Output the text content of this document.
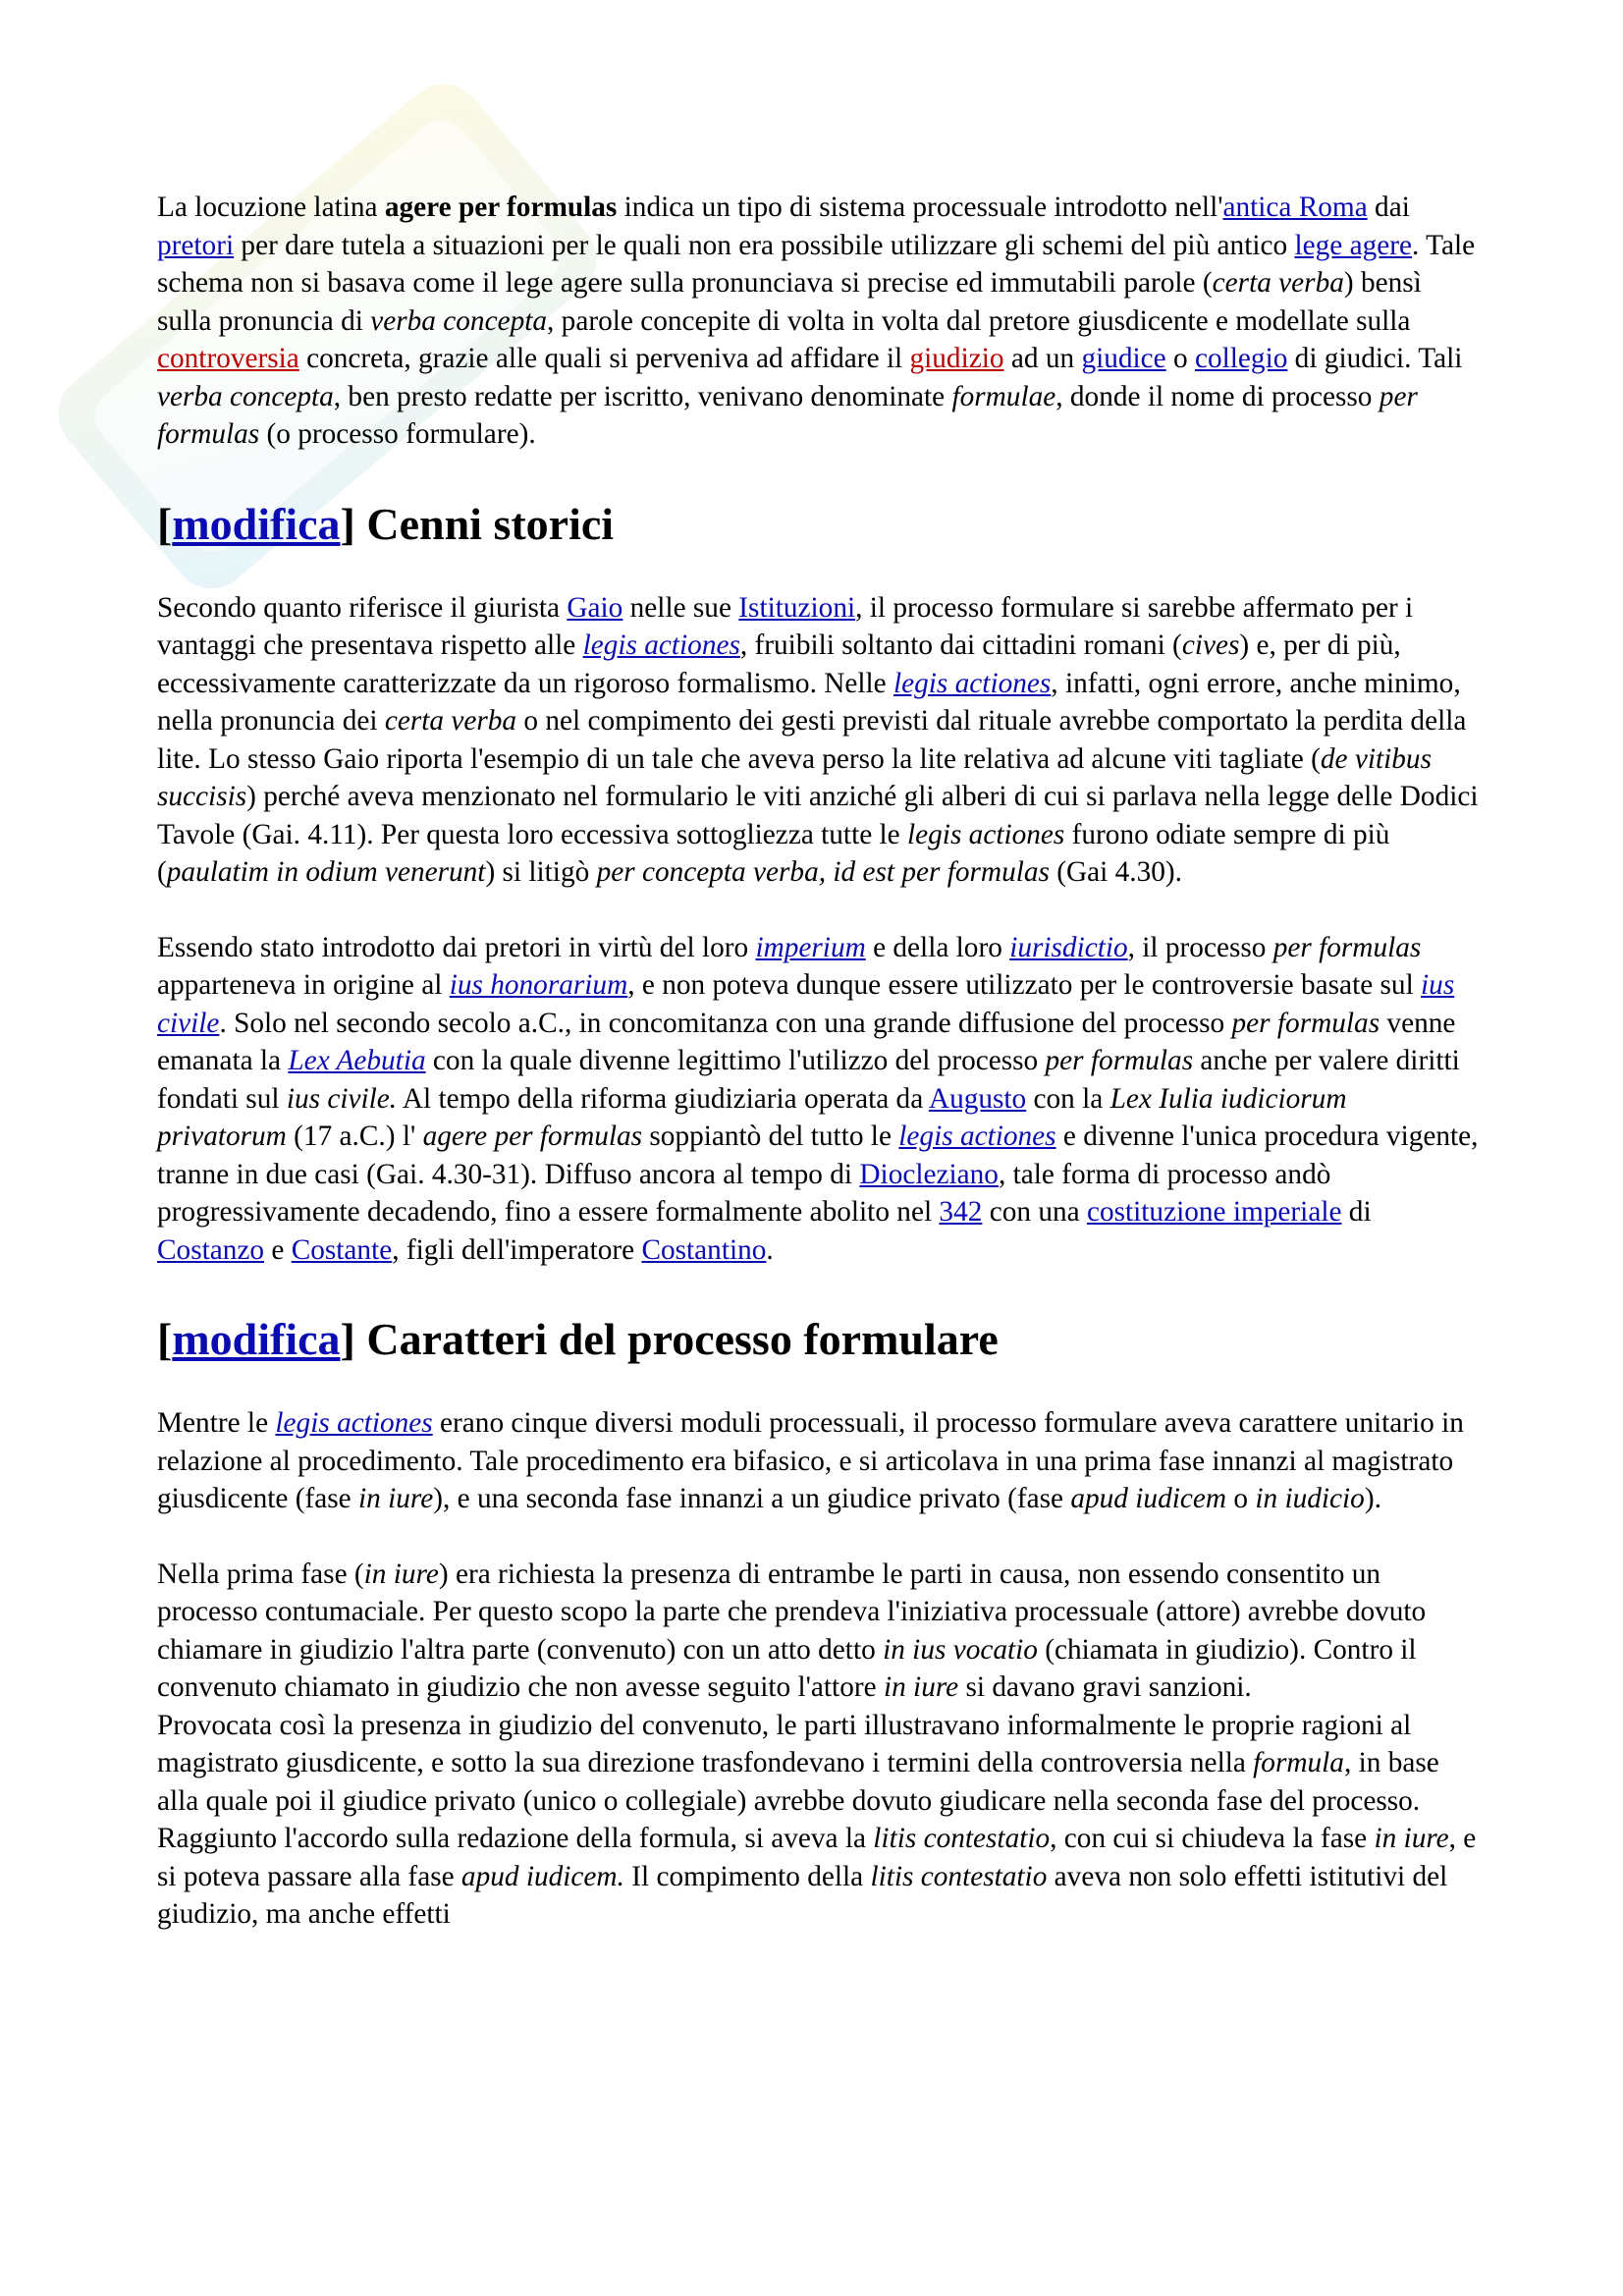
La locuzione latina agere per formulas indica un tipo di sistema processuale introdotto nell'antica Roma dai pretori per dare tutela a situazioni per le quali non era possibile utilizzare gli schemi del più antico lege agere. Tale schema non si basava come il lege agere sulla pronunciava si precise ed immutabili parole (certa verba) bensì sulla pronuncia di verba concepta, parole concepite di volta in volta dal pretore giusdicente e modellate sulla controversia concreta, grazie alle quali si perveniva ad affidare il giudizio ad un giudice o collegio di giudici. Tali verba concepta, ben presto redatte per iscritto, venivano denominate formulae, donde il nome di processo per formulas (o processo formulare).

[modifica] Cenni storici

Secondo quanto riferisce il giurista Gaio nelle sue Istituzioni, il processo formulare si sarebbe affermato per i vantaggi che presentava rispetto alle legis actiones, fruibili soltanto dai cittadini romani (cives) e, per di più, eccessivamente caratterizzate da un rigoroso formalismo. Nelle legis actiones, infatti, ogni errore, anche minimo, nella pronuncia dei certa verba o nel compimento dei gesti previsti dal rituale avrebbe comportato la perdita della lite. Lo stesso Gaio riporta l'esempio di un tale che aveva perso la lite relativa ad alcune viti tagliate (de vitibus succisis) perché aveva menzionato nel formulario le viti anziché gli alberi di cui si parlava nella legge delle Dodici Tavole (Gai. 4.11). Per questa loro eccessiva sottogliezza tutte le legis actiones furono odiate sempre di più (paulatim in odium venerunt) si litigò per concepta verba, id est per formulas (Gai 4.30).

Essendo stato introdotto dai pretori in virtù del loro imperium e della loro iurisdictio, il processo per formulas apparteneva in origine al ius honorarium, e non poteva dunque essere utilizzato per le controversie basate sul ius civile. Solo nel secondo secolo a.C., in concomitanza con una grande diffusione del processo per formulas venne emanata la Lex Aebutia con la quale divenne legittimo l'utilizzo del processo per formulas anche per valere diritti fondati sul ius civile. Al tempo della riforma giudiziaria operata da Augusto con la Lex Iulia iudiciorum privatorum (17 a.C.) l' agere per formulas soppiantò del tutto le legis actiones e divenne l'unica procedura vigente, tranne in due casi (Gai. 4.30-31). Diffuso ancora al tempo di Diocleziano, tale forma di processo andò progressivamente decadendo, fino a essere formalmente abolito nel 342 con una costituzione imperiale di Costanzo e Costante, figli dell'imperatore Costantino.

[modifica] Caratteri del processo formulare

Mentre le legis actiones erano cinque diversi moduli processuali, il processo formulare aveva carattere unitario in relazione al procedimento. Tale procedimento era bifasico, e si articolava in una prima fase innanzi al magistrato giusdicente (fase in iure), e una seconda fase innanzi a un giudice privato (fase apud iudicem o in iudicio).

Nella prima fase (in iure) era richiesta la presenza di entrambe le parti in causa, non essendo consentito un processo contumaciale. Per questo scopo la parte che prendeva l'iniziativa processuale (attore) avrebbe dovuto chiamare in giudizio l'altra parte (convenuto) con un atto detto in ius vocatio (chiamata in giudizio). Contro il convenuto chiamato in giudizio che non avesse seguito l'attore in iure si davano gravi sanzioni.

Provocata così la presenza in giudizio del convenuto, le parti illustravano informalmente le proprie ragioni al magistrato giusdicente, e sotto la sua direzione trasfondevano i termini della controversia nella formula, in base alla quale poi il giudice privato (unico o collegiale) avrebbe dovuto giudicare nella seconda fase del processo. Raggiunto l'accordo sulla redazione della formula, si aveva la litis contestatio, con cui si chiudeva la fase in iure, e si poteva passare alla fase apud iudicem. Il compimento della litis contestatio aveva non solo effetti istitutivi del giudizio, ma anche effetti
